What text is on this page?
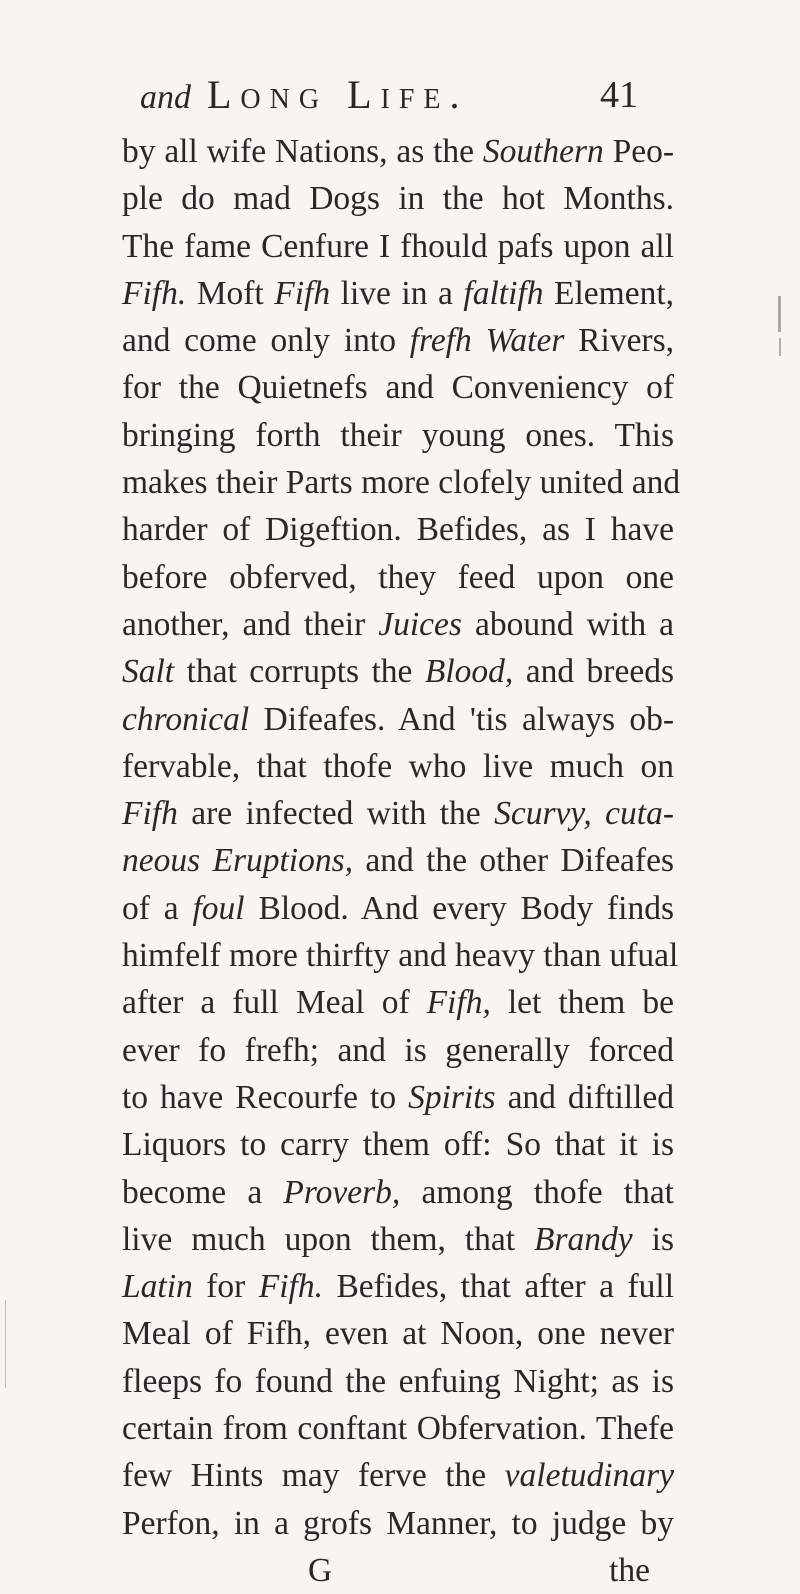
and Long Life.	41
by all wife Nations, as the Southern Peo-
ple do mad Dogs in the hot Months.
The fame Cenfure I fhould pafs upon all
Fifh. Moft Fifh live in a faltifh Element,
and come only into frefh Water Rivers,
for the Quietnefs and Conveniency of
bringing forth their young ones. This
makes their Parts more clofely united and
harder of Digeftion. Befides, as I have
before obferved, they feed upon one
another, and their Juices abound with a
Salt that corrupts the Blood, and breeds
chronical Difeafes. And 'tis always ob-
fervable, that thofe who live much on
Fifh are infected with the Scurvy, cuta-
neous Eruptions, and the other Difeafes
of a foul Blood. And every Body finds
himfelf more thirfty and heavy than ufual
after a full Meal of Fifh, let them be
ever fo frefh; and is generally forced
to have Recourfe to Spirits and diftilled
Liquors to carry them off: So that it is
become a Proverb, among thofe that
live much upon them, that Brandy is
Latin for Fifh. Befides, that after a full
Meal of Fifh, even at Noon, one never
fleeps fo found the enfuing Night; as is
certain from conftant Obfervation. Thefe
few Hints may ferve the valetudinary
Perfon, in a grofs Manner, to judge by
G	the
